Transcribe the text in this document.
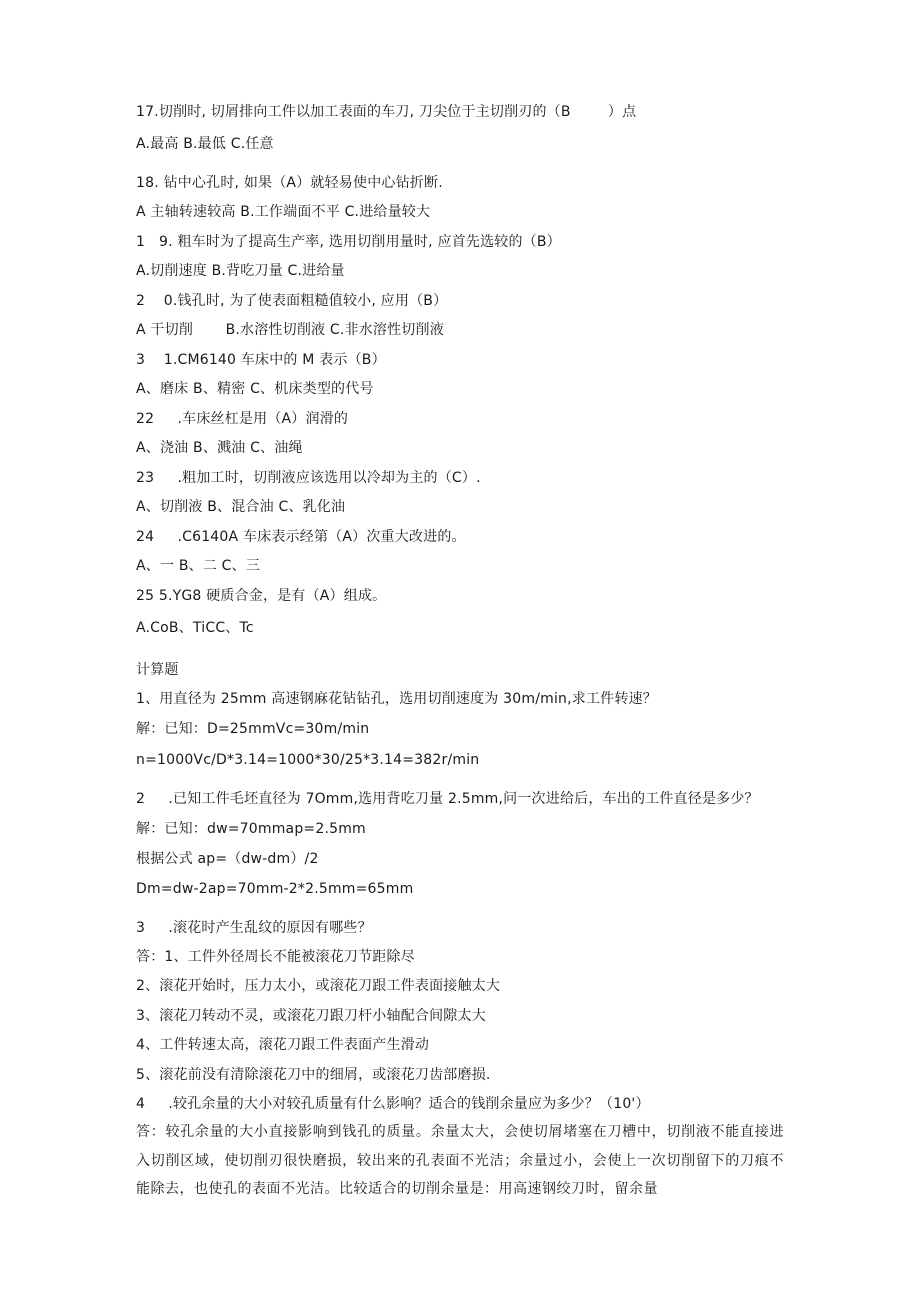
17.切削时, 切屑排向工件以加工表面的车刀, 刀尖位于主切削刃的（B        ）点
A.最高 B.最低 C.任意
18. 钻中心孔时, 如果（A）就轻易使中心钻折断.
A 主轴转速较高 B.工作端面不平 C.进给量较大
1   9. 粗车时为了提高生产率, 选用切削用量时, 应首先选较的（B）
A.切削速度 B.背吃刀量 C.进给量
2    0.钱孔时, 为了使表面粗糙值较小, 应用（B）
A 干切削       B.水溶性切削液 C.非水溶性切削液
3    1.CM6140 车床中的 M 表示（B）
A、磨床 B、精密 C、机床类型的代号
22     .车床丝杠是用（A）润滑的
A、浇油 B、溅油 C、油绳
23     .粗加工时，切削液应该选用以冷却为主的（C）.
A、切削液 B、混合油 C、乳化油
24     .C6140A 车床表示经第（A）次重大改进的。
A、一 B、二 C、三
25 5.YG8 硬质合金，是有（A）组成。
A.CoB、TiCC、Tc
计算题
1、用直径为 25mm 高速钢麻花钻钻孔，选用切削速度为 30m/min,求工件转速？
解：已知：D=25mmVc=30m/min
n=1000Vc/D*3.14=1000*30/25*3.14=382r/min
2     .已知工件毛坯直径为 7Omm,选用背吃刀量 2.5mm,问一次进给后，车出的工件直径是多少？
解：已知：dw=70mmap=2.5mm
根据公式 ap=（dw-dm）/2
Dm=dw-2ap=70mm-2*2.5mm=65mm
3     .滚花时产生乱纹的原因有哪些？
答：1、工件外径周长不能被滚花刀节距除尽
2、滚花开始时，压力太小，或滚花刀跟工件表面接触太大
3、滚花刀转动不灵，或滚花刀跟刀杆小轴配合间隙太大
4、工件转速太高，滚花刀跟工件表面产生滑动
5、滚花前没有清除滚花刀中的细屑，或滚花刀齿部磨损.
4     .较孔余量的大小对较孔质量有什么影响？适合的钱削余量应为多少？（10'）
答：较孔余量的大小直接影响到钱孔的质量。余量太大，会使切屑堵塞在刀槽中，切削液不能直接进入切削区域，使切削刃很快磨损，较出来的孔表面不光洁；余量过小，会使上一次切削留下的刀痕不能除去，也使孔的表面不光洁。比较适合的切削余量是：用高速钢绞刀时，留余量
